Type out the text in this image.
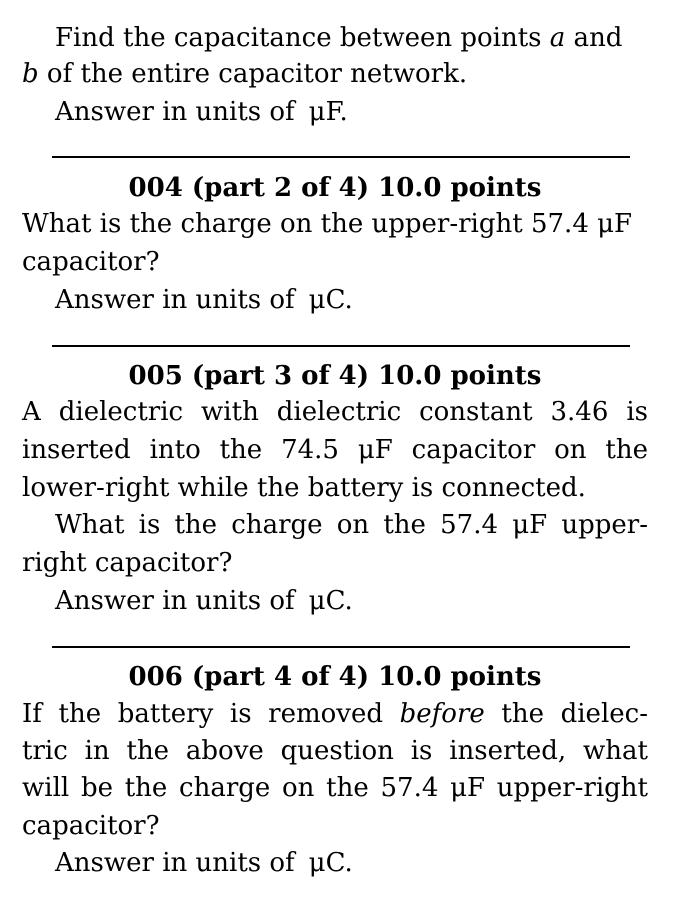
Find the capacitance between points a and
b of the entire capacitor network.
Answer in units of μF.
004 (part 2 of 4) 10.0 points
What is the charge on the upper-right 57.4 μF
capacitor?
Answer in units of μC.
005 (part 3 of 4) 10.0 points
A dielectric with dielectric constant 3.46 is
inserted into the 74.5 μF capacitor on the
lower-right while the battery is connected.
What is the charge on the 57.4 μF upper-
right capacitor?
Answer in units of μC.
006 (part 4 of 4) 10.0 points
If the battery is removed before the dielec-
tric in the above question is inserted, what
will be the charge on the 57.4 μF upper-right
capacitor?
Answer in units of μC.
